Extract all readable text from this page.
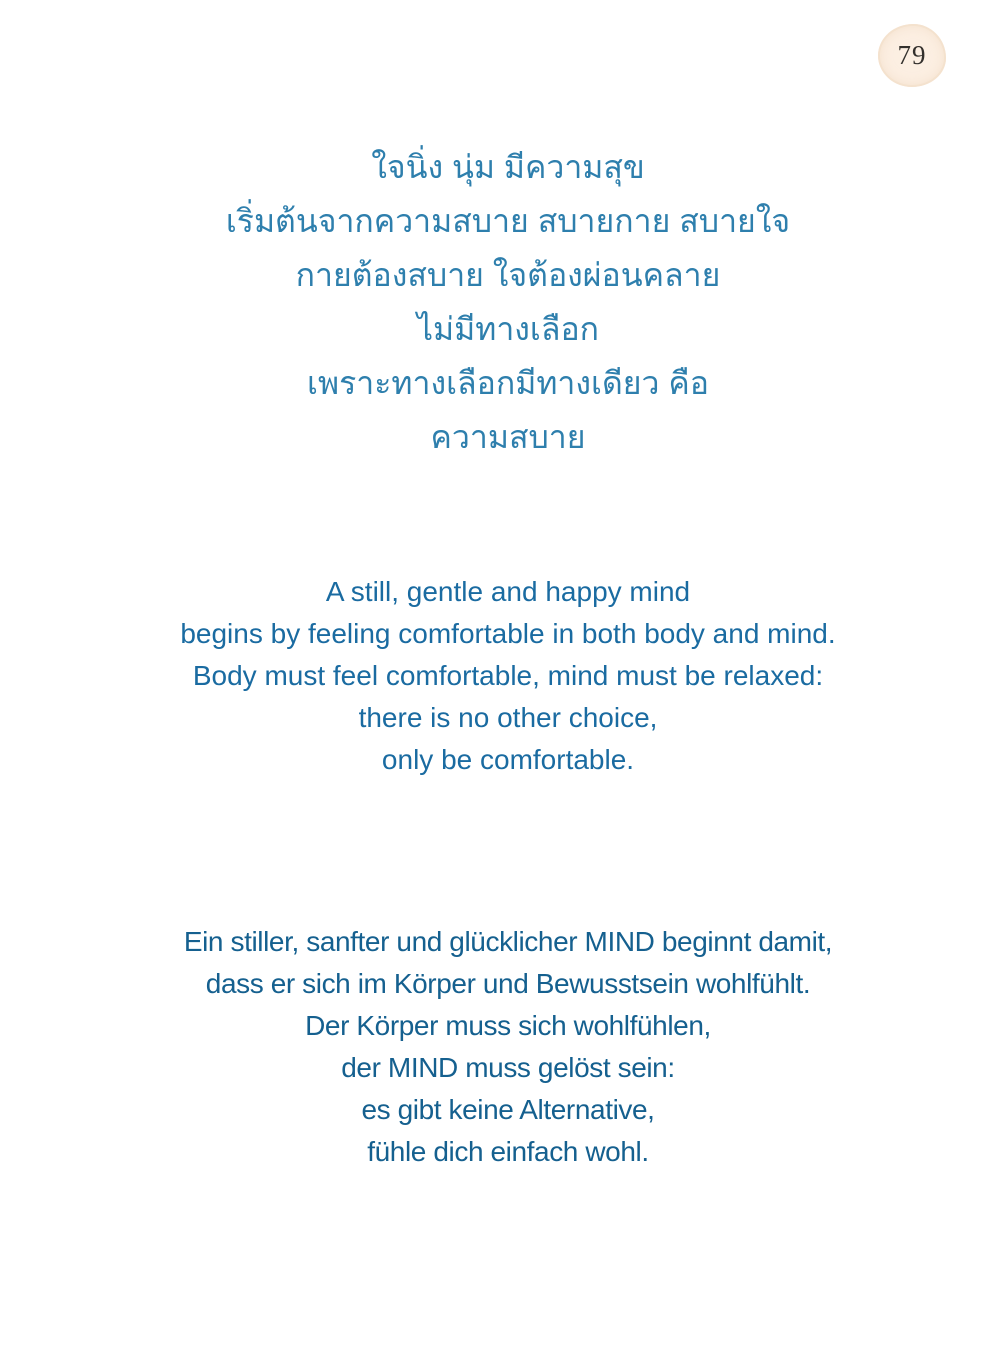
79
ใจนิ่ง นุ่ม มีความสุข
เริ่มต้นจากความสบาย สบายกาย สบายใจ
กายต้องสบาย ใจต้องผ่อนคลาย
ไม่มีทางเลือก
เพราะทางเลือกมีทางเดียว คือ
ความสบาย
A still, gentle and happy mind
begins by feeling comfortable in both body and mind.
Body must feel comfortable, mind must be relaxed:
there is no other choice,
only be comfortable.
Ein stiller, sanfter und glücklicher MIND beginnt damit,
dass er sich im Körper und Bewusstsein wohlfühlt.
Der Körper muss sich wohlfühlen,
der MIND muss gelöst sein:
es gibt keine Alternative,
fühle dich einfach wohl.
